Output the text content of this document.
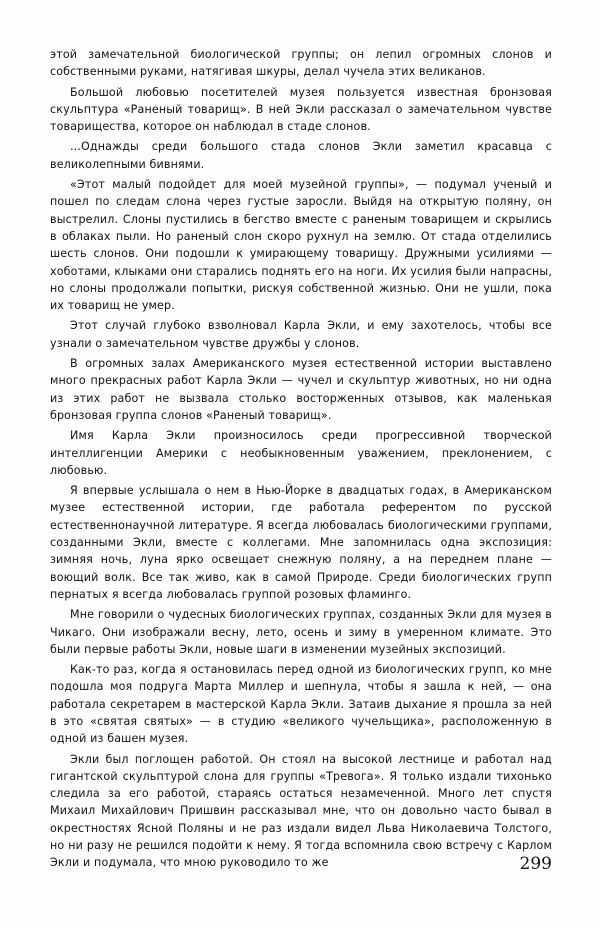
этой замечательной биологической группы; он лепил огромных слонов и собственными руками, натягивая шкуры, делал чучела этих великанов.

Большой любовью посетителей музея пользуется известная бронзовая скульптура «Раненый товарищ». В ней Экли рассказал о замечательном чувстве товарищества, которое он наблюдал в стаде слонов.

...Однажды среди большого стада слонов Экли заметил красавца с великолепными бивнями.

«Этот малый подойдет для моей музейной группы», — подумал ученый и пошел по следам слона через густые заросли. Выйдя на открытую поляну, он выстрелил. Слоны пустились в бегство вместе с раненым товарищем и скрылись в облаках пыли. Но раненый слон скоро рухнул на землю. От стада отделились шесть слонов. Они подошли к умирающему товарищу. Дружными усилиями — хоботами, клыками они старались поднять его на ноги. Их усилия были напрасны, но слоны продолжали попытки, рискуя собственной жизнью. Они не ушли, пока их товарищ не умер.

Этот случай глубоко взволновал Карла Экли, и ему захотелось, чтобы все узнали о замечательном чувстве дружбы у слонов.

В огромных залах Американского музея естественной истории выставлено много прекрасных работ Карла Экли — чучел и скульптур животных, но ни одна из этих работ не вызвала столько восторженных отзывов, как маленькая бронзовая группа слонов «Раненый товарищ».

Имя Карла Экли произносилось среди прогрессивной творческой интеллигенции Америки с необыкновенным уважением, преклонением, с любовью.

Я впервые услышала о нем в Нью-Йорке в двадцатых годах, в Американском музее естественной истории, где работала референтом по русской естественнонаучной литературе. Я всегда любовалась биологическими группами, созданными Экли, вместе с коллегами. Мне запомнилась одна экспозиция: зимняя ночь, луна ярко освещает снежную поляну, а на переднем плане — воющий волк. Все так живо, как в самой Природе. Среди биологических групп пернатых я всегда любовалась группой розовых фламинго.

Мне говорили о чудесных биологических группах, созданных Экли для музея в Чикаго. Они изображали весну, лето, осень и зиму в умеренном климате. Это были первые работы Экли, новые шаги в изменении музейных экспозиций.

Как-то раз, когда я остановилась перед одной из биологических групп, ко мне подошла моя подруга Марта Миллер и шепнула, чтобы я зашла к ней, — она работала секретарем в мастерской Карла Экли. Затаив дыхание я прошла за ней в это «святая святых» — в студию «великого чучельщика», расположенную в одной из башен музея.

Экли был поглощен работой. Он стоял на высокой лестнице и работал над гигантской скульптурой слона для группы «Тревога». Я только издали тихонько следила за его работой, стараясь остаться незамеченной. Много лет спустя Михаил Михайлович Пришвин рассказывал мне, что он довольно часто бывал в окрестностях Ясной Поляны и не раз издали видел Льва Николаевича Толстого, но ни разу не решился подойти к нему. Я тогда вспомнила свою встречу с Карлом Экли и подумала, что мною руководило то же	299
